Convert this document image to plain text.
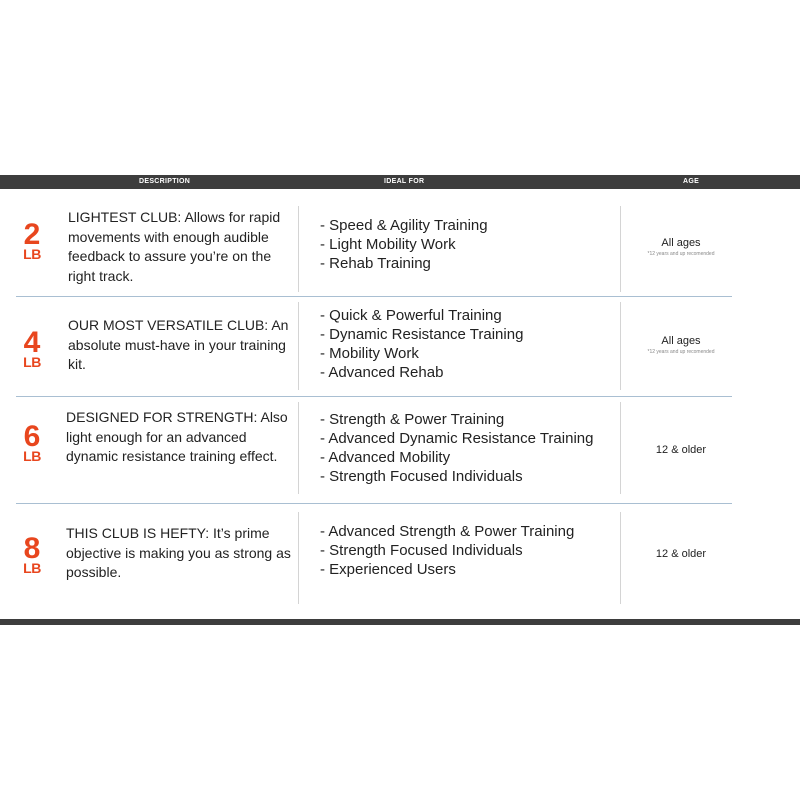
DESCRIPTION	IDEAL FOR	AGE
2
LB
LIGHTEST CLUB: Allows for rapid movements with enough audible feedback to assure you’re on the right track.
- Speed & Agility Training
- Light Mobility Work
- Rehab Training
All ages
*12 years and up recomended
4
LB
OUR MOST VERSATILE CLUB: An absolute must-have in your training kit.
- Quick & Powerful Training
- Dynamic Resistance Training
- Mobility Work
- Advanced Rehab
All ages
*12 years and up recomended
6
LB
DESIGNED FOR STRENGTH: Also light enough for an advanced dynamic resistance training effect.
- Strength & Power Training
- Advanced Dynamic Resistance Training
- Advanced Mobility
- Strength Focused Individuals
12 & older
8
LB
THIS CLUB IS HEFTY: It’s prime objective is making you as strong as possible.
- Advanced Strength & Power Training
- Strength Focused Individuals
- Experienced Users
12 & older
